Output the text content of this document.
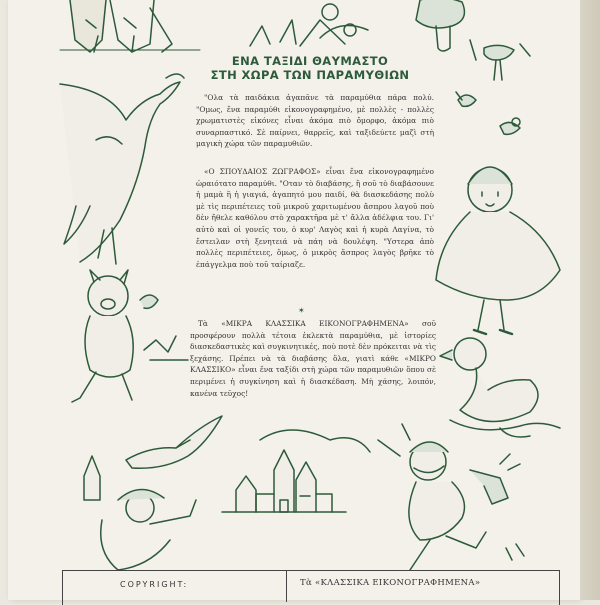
ΕΝΑ ΤΑΞΙΔΙ ΘΑΥΜΑΣΤΟ
ΣΤΗ ΧΩΡΑ ΤΩΝ ΠΑΡΑΜΥΘΙΩΝ

"Ολα τὰ παιδάκια ἀγαπᾶνε τὰ παραμύθια πάρα πολύ. "Ομως, ἕνα παραμύθι εἰκονογραφημένο, μὲ πολλὲς - πολλὲς χρωματιστὲς εἰκόνες εἶναι ἀκόμα πιὸ ὄμορφο, ἀκόμα πιὸ συναρπαστικό. Σὲ παίρνει, θαρρεῖς, καὶ ταξιδεύετε μαζὶ στὴ μαγικὴ χώρα τῶν παραμυθιῶν.

«Ο ΣΠΟΥΔΑΙΟΣ ΖΩΓΡΑΦΟΣ» εἶναι ἕνα εἰκονογραφημένο ὡραιότατο παραμύθι. "Οταν τὸ διαβάσης, ἢ σοῦ τὸ διαβάσουνε ἡ μαμὰ ἢ ἡ γιαγιά, ἀγαπητό μου παιδί, θὰ διασκεδάσης πολὺ μὲ τὶς περιπέτειες τοῦ μικροῦ χαριτωμένου ἄσπρου λαγοῦ ποὺ δὲν ἤθελε καθόλου στὸ χαρακτῆρα μὲ τ' ἄλλα ἀδέλφια του. Γι' αὐτὸ καὶ οἱ γονεῖς του, ὁ κυρ' Λαγὸς καὶ ἡ κυρὰ Λαγίνα, τὸ ἔστειλαν στὴ ξενητειά νὰ πάη νὰ δουλέψη. "Υστερα ἀπὸ πολλὲς περιπέτειες, ὅμως, ὁ μικρὸς ἄσπρος λαγὸς βρῆκε τὸ ἐπάγγελμα ποὺ τοῦ ταίριαζε.

✶

Τὰ «ΜΙΚΡΑ ΚΛΑΣΣΙΚΑ ΕΙΚΟΝΟΓΡΑΦΗΜΕΝΑ» σοῦ προσφέρουν πολλὰ τέτοια ἐκλεκτὰ παραμύθια, μὲ ἱστορίες διασκεδαστικὲς καὶ συγκινητικές, ποὺ ποτὲ δὲν πρόκειται νὰ τὶς ξεχάσης. Πρέπει νὰ τὰ διαβάσης ὅλα, γιατὶ κάθε «ΜΙΚΡΟ ΚΛΑΣΣΙΚΟ» εἶναι ἕνα ταξίδι στὴ χώρα τῶν παραμυθιῶν ὅπου σὲ περιμένει ἡ συγκίνηση καὶ ἡ διασκέδαση. Μὴ χάσης, λοιπόν, κανένα τεῦχος!

COPYRIGHT:	Τὰ «ΚΛΑΣΣΙΚΑ ΕΙΚΟΝΟΓΡΑΦΗΜΕΝΑ»
